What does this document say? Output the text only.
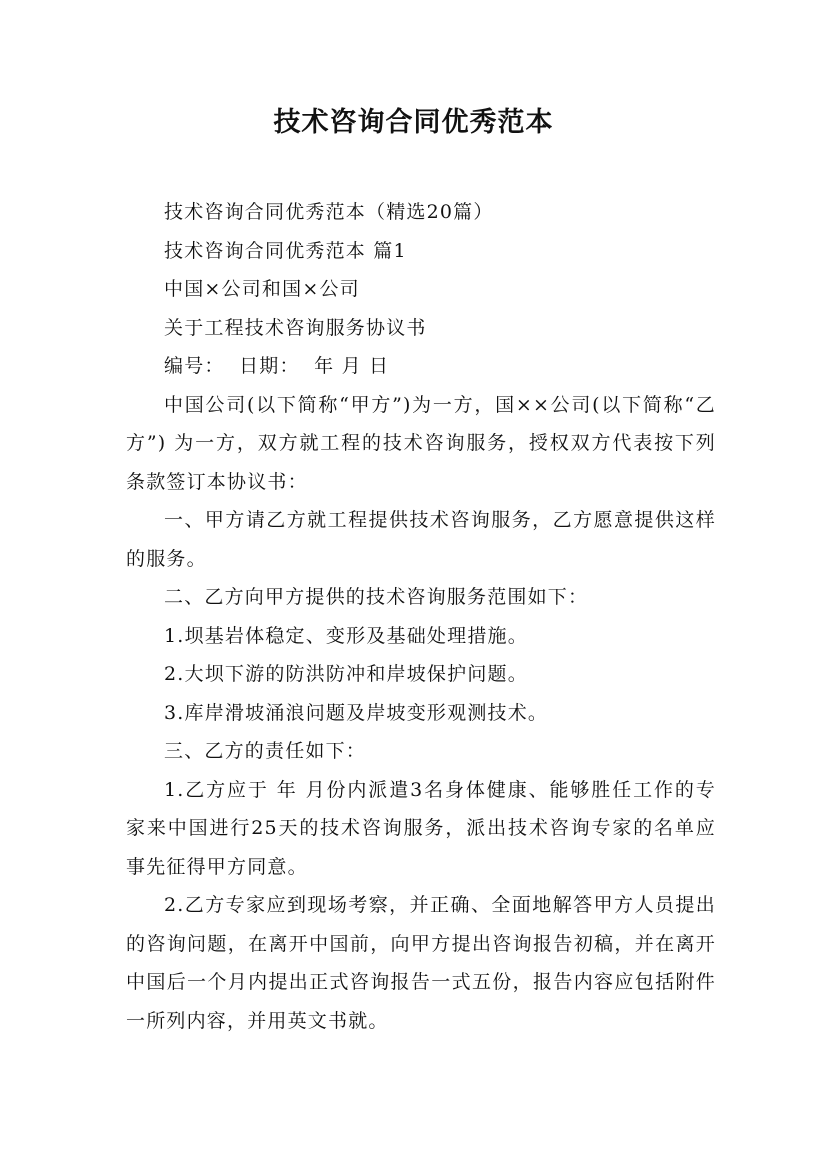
技术咨询合同优秀范本

技术咨询合同优秀范本（精选20篇）

技术咨询合同优秀范本 篇1

中国×公司和国×公司

关于工程技术咨询服务协议书

编号：  日期：  年 月 日

中国公司(以下简称“甲方”)为一方，国××公司(以下简称“乙方”) 为一方，双方就工程的技术咨询服务，授权双方代表按下列条款签订本协议书：

一、甲方请乙方就工程提供技术咨询服务，乙方愿意提供这样的服务。

二、乙方向甲方提供的技术咨询服务范围如下：

1.坝基岩体稳定、变形及基础处理措施。

2.大坝下游的防洪防冲和岸坡保护问题。

3.库岸滑坡涌浪问题及岸坡变形观测技术。

三、乙方的责任如下：

1.乙方应于 年 月份内派遣3名身体健康、能够胜任工作的专家来中国进行25天的技术咨询服务，派出技术咨询专家的名单应事先征得甲方同意。

2.乙方专家应到现场考察，并正确、全面地解答甲方人员提出的咨询问题，在离开中国前，向甲方提出咨询报告初稿，并在离开中国后一个月内提出正式咨询报告一式五份，报告内容应包括附件一所列内容，并用英文书就。
